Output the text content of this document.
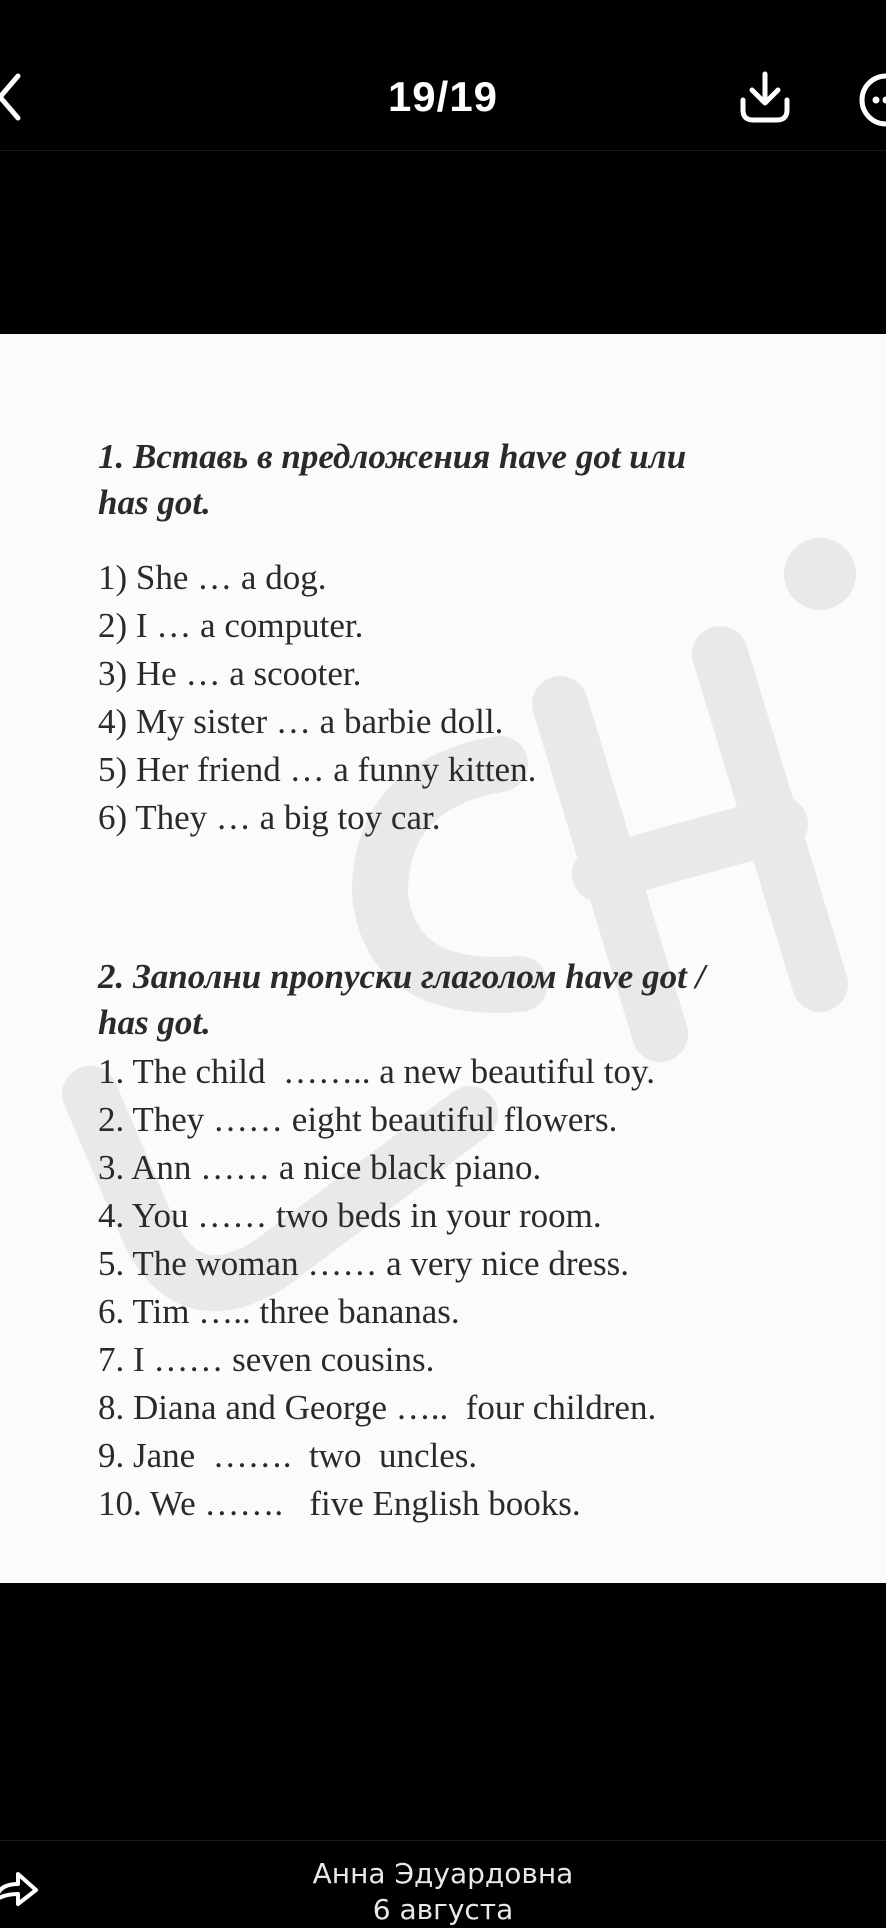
19/19

1. Вставь в предложения have got или
has got.

1) She … a dog.
2) I … a computer.
3) He … a scooter.
4) My sister … a barbie doll.
5) Her friend … a funny kitten.
6) They … a big toy car.

2. Заполни пропуски глаголом have got /
has got.

1. The child  …….. a new beautiful toy.
2. They …… eight beautiful flowers.
3. Ann …… a nice black piano.
4. You …… two beds in your room.
5. The woman …… a very nice dress.
6. Tim ….. three bananas.
7. I …… seven cousins.
8. Diana and George …..  four children.
9. Jane  …….  two  uncles.
10. We …….   five English books.
Анна Эдуардовна
6 августа
